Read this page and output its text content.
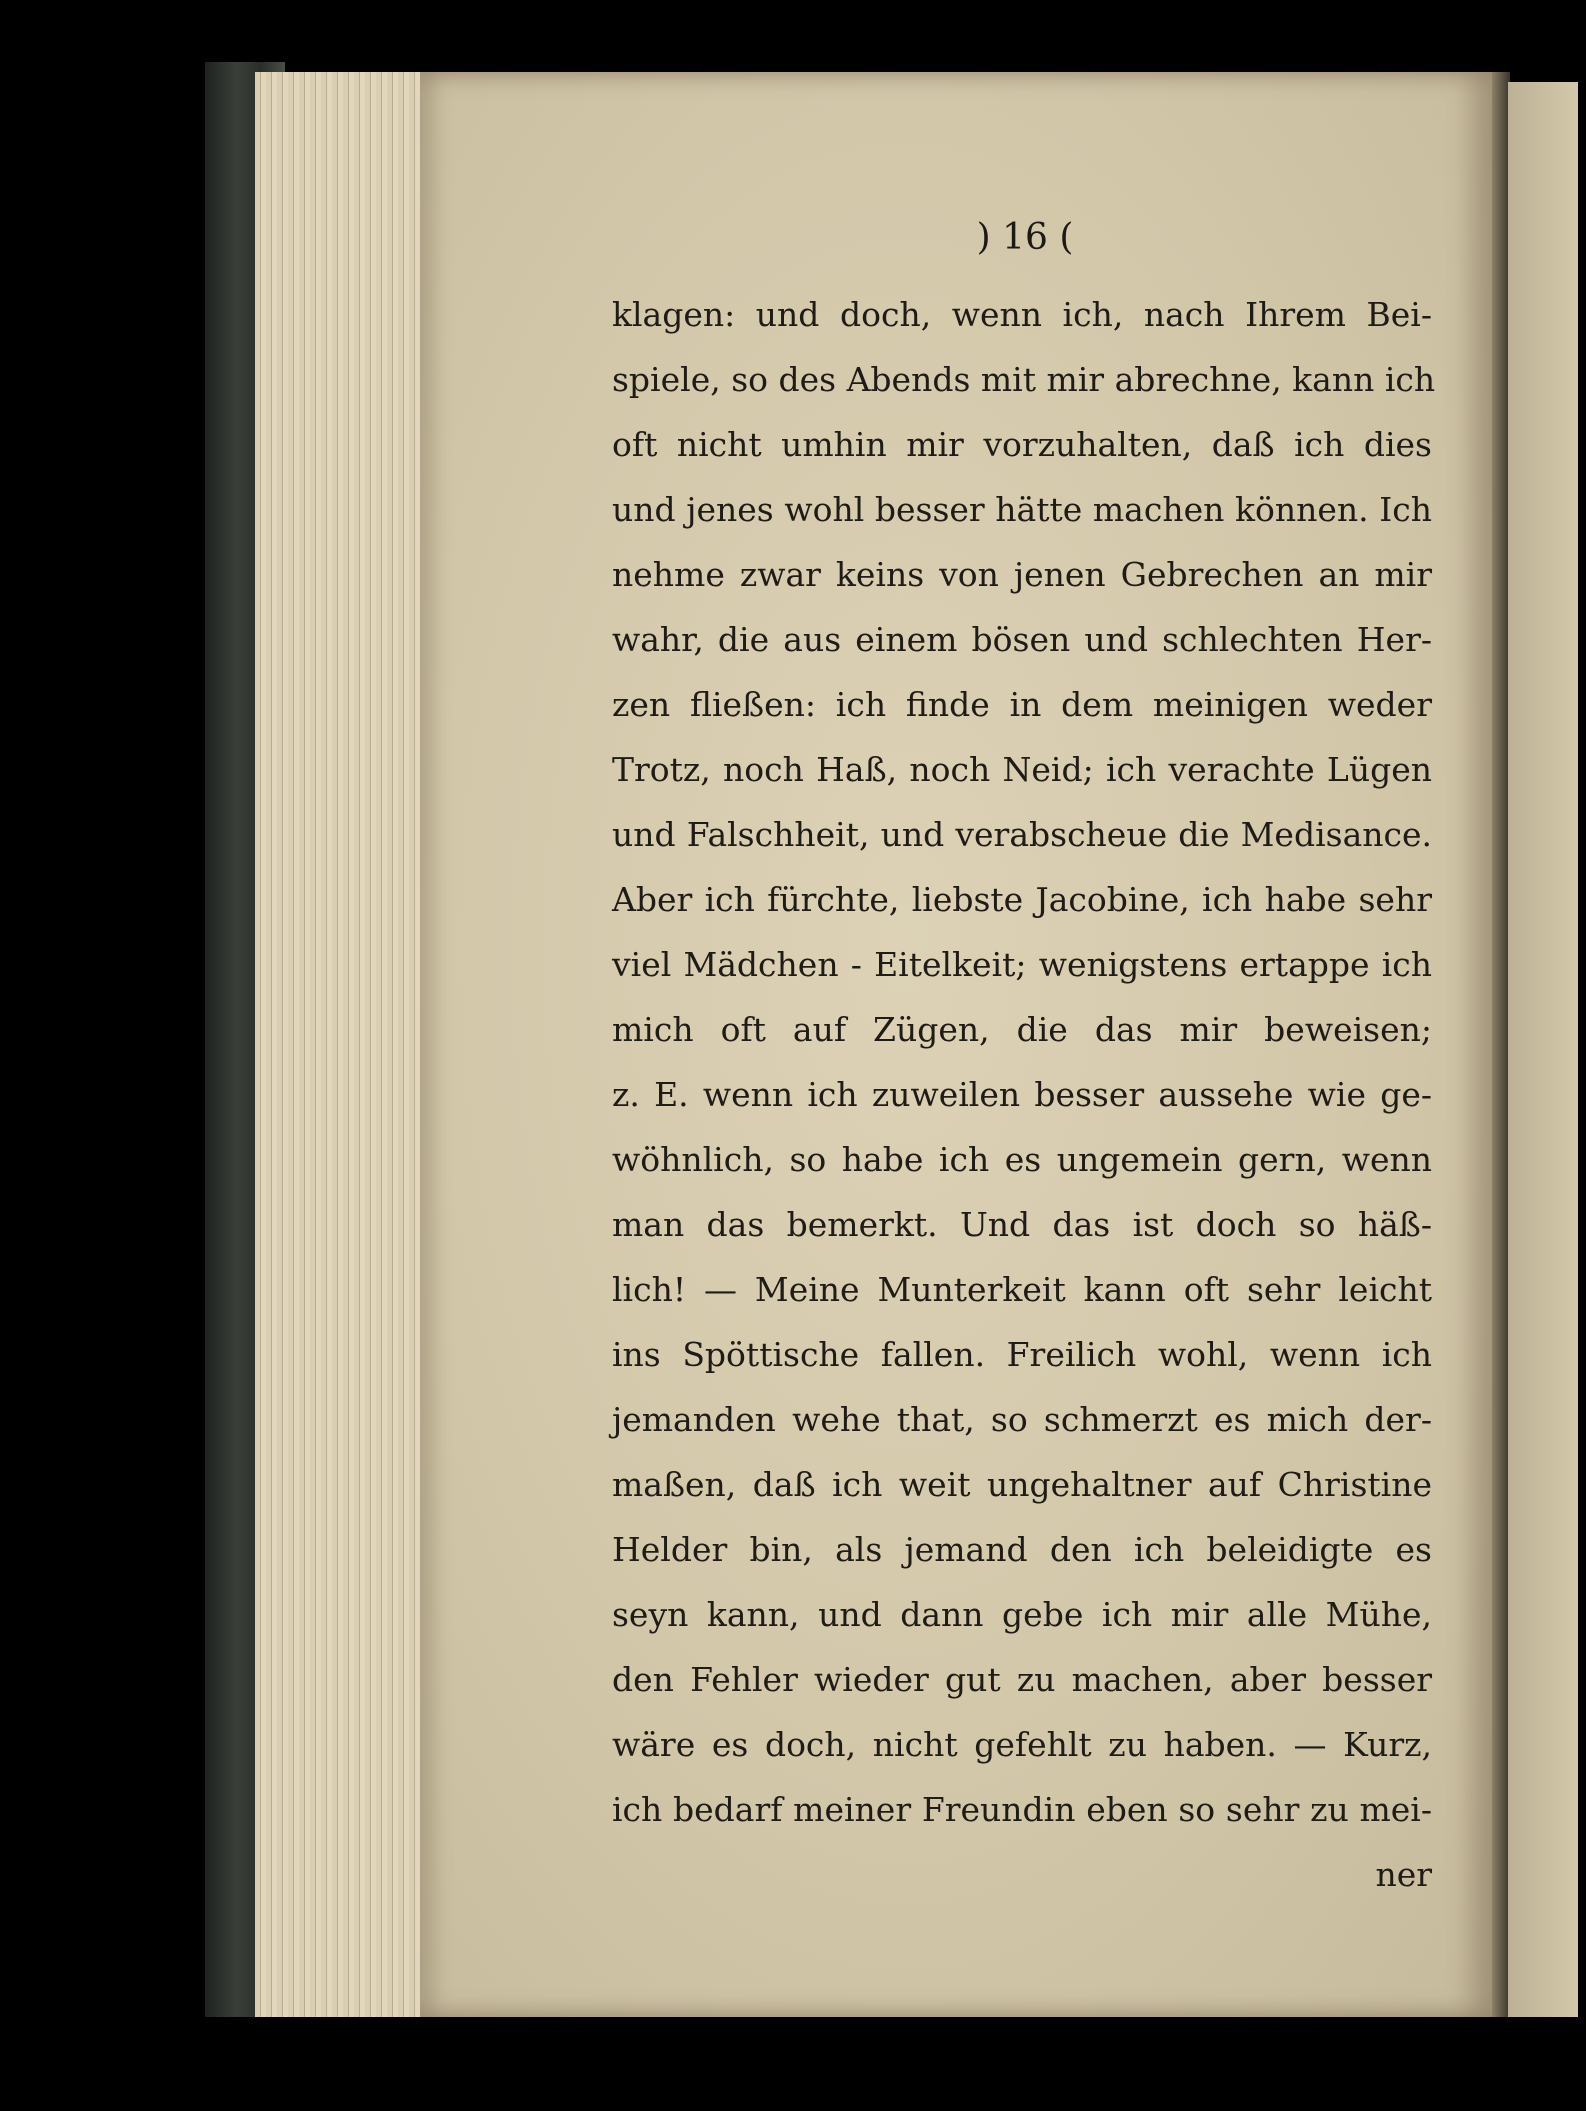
) 16 (

klagen: und doch, wenn ich, nach Ihrem Bei-
spiele, so des Abends mit mir abrechne, kann ich
oft nicht umhin mir vorzuhalten, daß ich dies
und jenes wohl besser hätte machen können. Ich
nehme zwar keins von jenen Gebrechen an mir
wahr, die aus einem bösen und schlechten Her-
zen fließen: ich finde in dem meinigen weder
Trotz, noch Haß, noch Neid; ich verachte Lügen
und Falschheit, und verabscheue die Medisance.
Aber ich fürchte, liebste Jacobine, ich habe sehr
viel Mädchen - Eitelkeit; wenigstens ertappe ich
mich oft auf Zügen, die das mir beweisen;
z. E. wenn ich zuweilen besser aussehe wie ge-
wöhnlich, so habe ich es ungemein gern, wenn
man das bemerkt. Und das ist doch so häß-
lich! — Meine Munterkeit kann oft sehr leicht
ins Spöttische fallen. Freilich wohl, wenn ich
jemanden wehe that, so schmerzt es mich der-
maßen, daß ich weit ungehaltner auf Christine
Helder bin, als jemand den ich beleidigte es
seyn kann, und dann gebe ich mir alle Mühe,
den Fehler wieder gut zu machen, aber besser
wäre es doch, nicht gefehlt zu haben. — Kurz,
ich bedarf meiner Freundin eben so sehr zu mei-
ner
